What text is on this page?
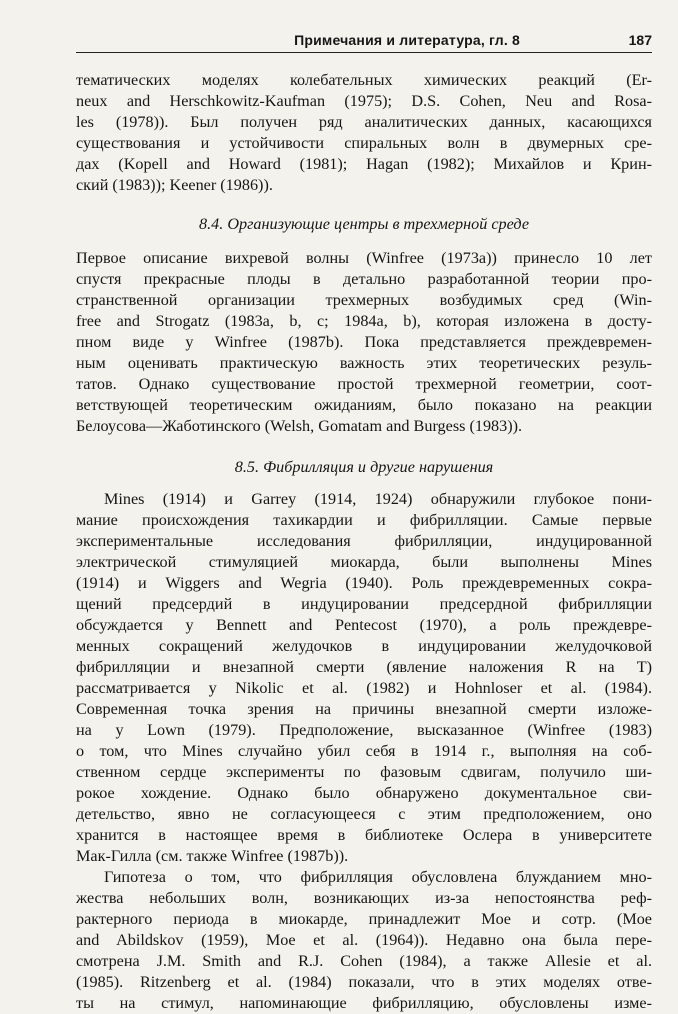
Примечания и литература, гл. 8	187
тематических моделях колебательных химических реакций (Er-
neux and Herschkowitz-Kaufman (1975); D.S. Cohen, Neu and Rosa-
les (1978)). Был получен ряд аналитических данных, касающихся
существования и устойчивости спиральных волн в двумерных сре-
дах (Kopell and Howard (1981); Hagan (1982); Михайлов и Крин-
ский (1983)); Keener (1986)).
8.4. Организующие центры в трехмерной среде
Первое описание вихревой волны (Winfree (1973a)) принесло 10 лет
спустя прекрасные плоды в детально разработанной теории про-
странственной организации трехмерных возбудимых сред (Win-
free and Strogatz (1983a, b, c; 1984a, b), которая изложена в досту-
пном виде у Winfree (1987b). Пока представляется преждевремен-
ным оценивать практическую важность этих теоретических резуль-
татов. Однако существование простой трехмерной геометрии, соот-
ветствующей теоретическим ожиданиям, было показано на реакции
Белоусова—Жаботинского (Welsh, Gomatam and Burgess (1983)).
8.5. Фибрилляция и другие нарушения
Mines (1914) и Garrey (1914, 1924) обнаружили глубокое пони-
мание происхождения тахикардии и фибрилляции. Самые первые
экспериментальные исследования фибрилляции, индуцированной
электрической стимуляцией миокарда, были выполнены Mines
(1914) и Wiggers and Wegria (1940). Роль преждевременных сокра-
щений предсердий в индуцировании предсердной фибрилляции
обсуждается у Bennett and Pentecost (1970), а роль преждевре-
менных сокращений желудочков в индуцировании желудочковой
фибрилляции и внезапной смерти (явление наложения R на T)
рассматривается у Nikolic et al. (1982) и Hohnloser et al. (1984).
Современная точка зрения на причины внезапной смерти изложе-
на у Lown (1979). Предположение, высказанное (Winfree (1983)
о том, что Mines случайно убил себя в 1914 г., выполняя на соб-
ственном сердце эксперименты по фазовым сдвигам, получило ши-
рокое хождение. Однако было обнаружено документальное сви-
детельство, явно не согласующееся с этим предположением, оно
хранится в настоящее время в библиотеке Ослера в университете
Мак-Гилла (см. также Winfree (1987b)).
Гипотеза о том, что фибрилляция обусловлена блужданием мно-
жества небольших волн, возникающих из-за непостоянства реф-
рактерного периода в миокарде, принадлежит Moe и сотр. (Moe
and Abildskov (1959), Moe et al. (1964)). Недавно она была пере-
смотрена J.M. Smith and R.J. Cohen (1984), а также Allesie et al.
(1985). Ritzenberg et al. (1984) показали, что в этих моделях отве-
ты на стимул, напоминающие фибрилляцию, обусловлены изме-
